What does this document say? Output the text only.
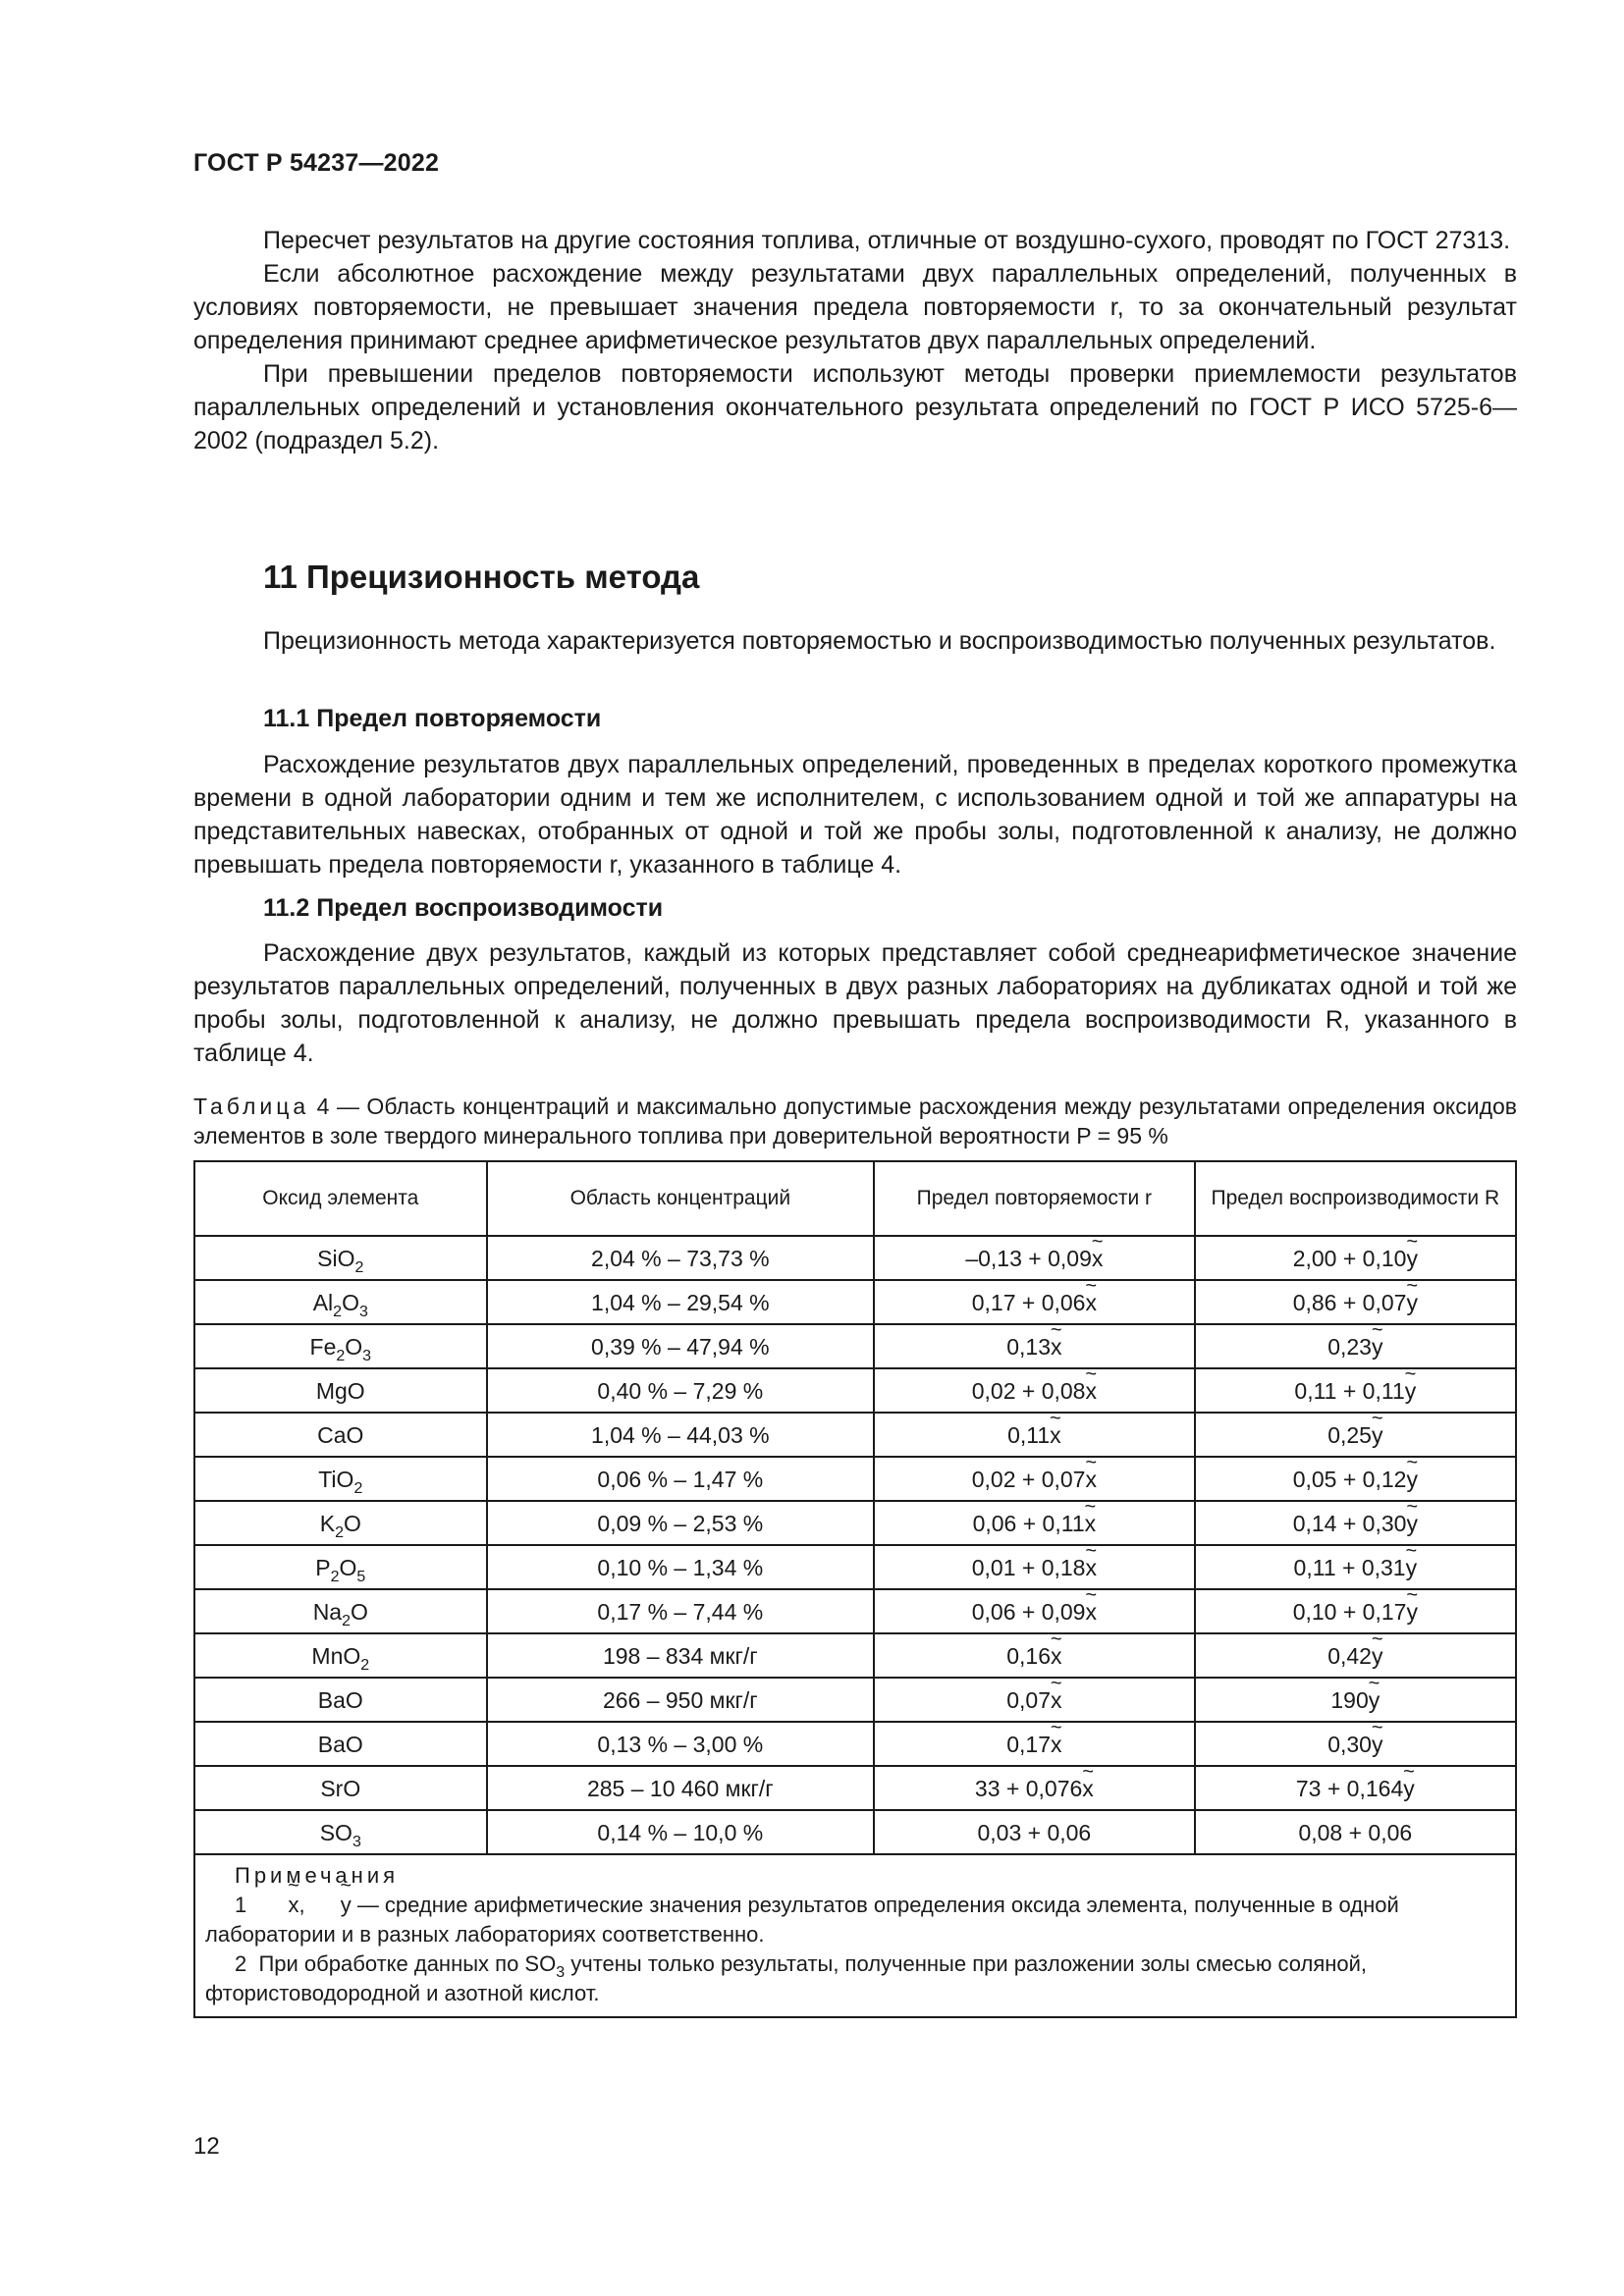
ГОСТ Р 54237—2022

Пересчет результатов на другие состояния топлива, отличные от воздушно-сухого, проводят по ГОСТ 27313.

Если абсолютное расхождение между результатами двух параллельных определений, полученных в условиях повторяемости, не превышает значения предела повторяемости r, то за окончательный результат определения принимают среднее арифметическое результатов двух параллельных определений.

При превышении пределов повторяемости используют методы проверки приемлемости результатов параллельных определений и установления окончательного результата определений по ГОСТ Р ИСО 5725-6—2002 (подраздел 5.2).

11 Прецизионность метода

Прецизионность метода характеризуется повторяемостью и воспроизводимостью полученных результатов.

11.1 Предел повторяемости

Расхождение результатов двух параллельных определений, проведенных в пределах короткого промежутка времени в одной лаборатории одним и тем же исполнителем, с использованием одной и той же аппаратуры на представительных навесках, отобранных от одной и той же пробы золы, подготовленной к анализу, не должно превышать предела повторяемости r, указанного в таблице 4.

11.2 Предел воспроизводимости

Расхождение двух результатов, каждый из которых представляет собой среднеарифметическое значение результатов параллельных определений, полученных в двух разных лабораториях на дубликатах одной и той же пробы золы, подготовленной к анализу, не должно превышать предела воспроизводимости R, указанного в таблице 4.

Таблица 4 — Область концентраций и максимально допустимые расхождения между результатами определения оксидов элементов в золе твердого минерального топлива при доверительной вероятности P = 95 %
Оксид элемента	Область концентраций	Предел повторяемости r	Предел воспроизводимости R
SiO$_2$	2,04 % – 73,73 %	–0,13 + 0,09~ x	2,00 + 0,10~ y
$Al_2O_3$	1,04 % – 29,54 %	0,17 + 0,06~ x	0,86 + 0,07~ y
$Fe_2O_3$	0,39 % – 47,94 %	0,13~ x	0,23~ y
MgO	0,40 % – 7,29 %	0,02 + 0,08~ x	0,11 + 0,11~ y
CaO	1,04 % – 44,03 %	0,11~ x	0,25~ y
TiO$_2$	0,06 % – 1,47 %	0,02 + 0,07~ x	0,05 + 0,12~ y
$K_2O$	0,09 % – 2,53 %	0,06 + 0,11~ x	0,14 + 0,30~ y
$P_2O_5$	0,10 % – 1,34 %	0,01 + 0,18~ x	0,11 + 0,31~ y
$Na_2O$	0,17 % – 7,44 %	0,06 + 0,09~ x	0,10 + 0,17~ y
MnO$_2$	198 – 834 мкг/г	0,16~ x	0,42~ y
BaO	266 – 950 мкг/г	0,07~ x	190~ y
BaO	0,13 % – 3,00 %	0,17~ x	0,30~ y
SrO	285 – 10 460 мкг/г	33 + 0,076~ x	73 + 0,164~ y
$SO_3$	0,14 % – 10,0 %	0,03 + 0,06	0,08 + 0,06

Примечания
1  ~ x, ~ y — средние арифметические значения результатов определения оксида элемента, полученные в одной лаборатории и в разных лабораториях соответственно.
2  При обработке данных по $SO_3$ учтены только результаты, полученные при разложении золы смесью соляной, фтористоводородной и азотной кислот.
12
